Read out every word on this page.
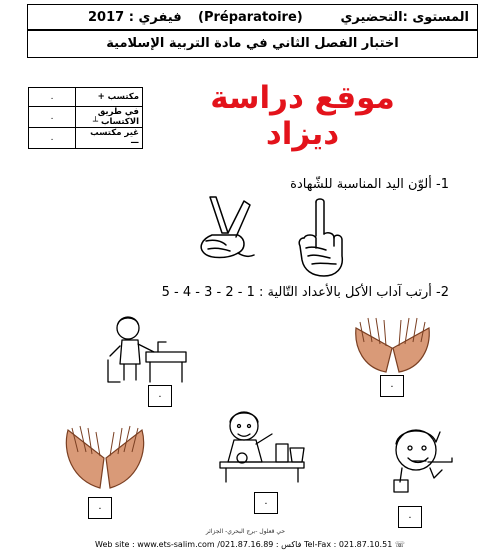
المستوى :التحضيري
(Préparatoire)
فيفري : 2017
اختبار الفصل الثاني في مادة التربية الإسلامية
.	مكتسب +
.	في طريق الاكتساب ┴
.	غير مكتسب —
موقع دراسة ديزاد
1- ألوّن اليد المناسبة للشّهادة
2- أرتب آداب الأكل بالأعداد التّالية : 1 - 2 - 3 - 4 - 5
.
.
.	.
.
حي قعلول -برج البحري- الجزائر
Web site : www.ets-salim.com /021.87.16.89 : فاكس Tel-Fax : 021.87.10.51 ☏
